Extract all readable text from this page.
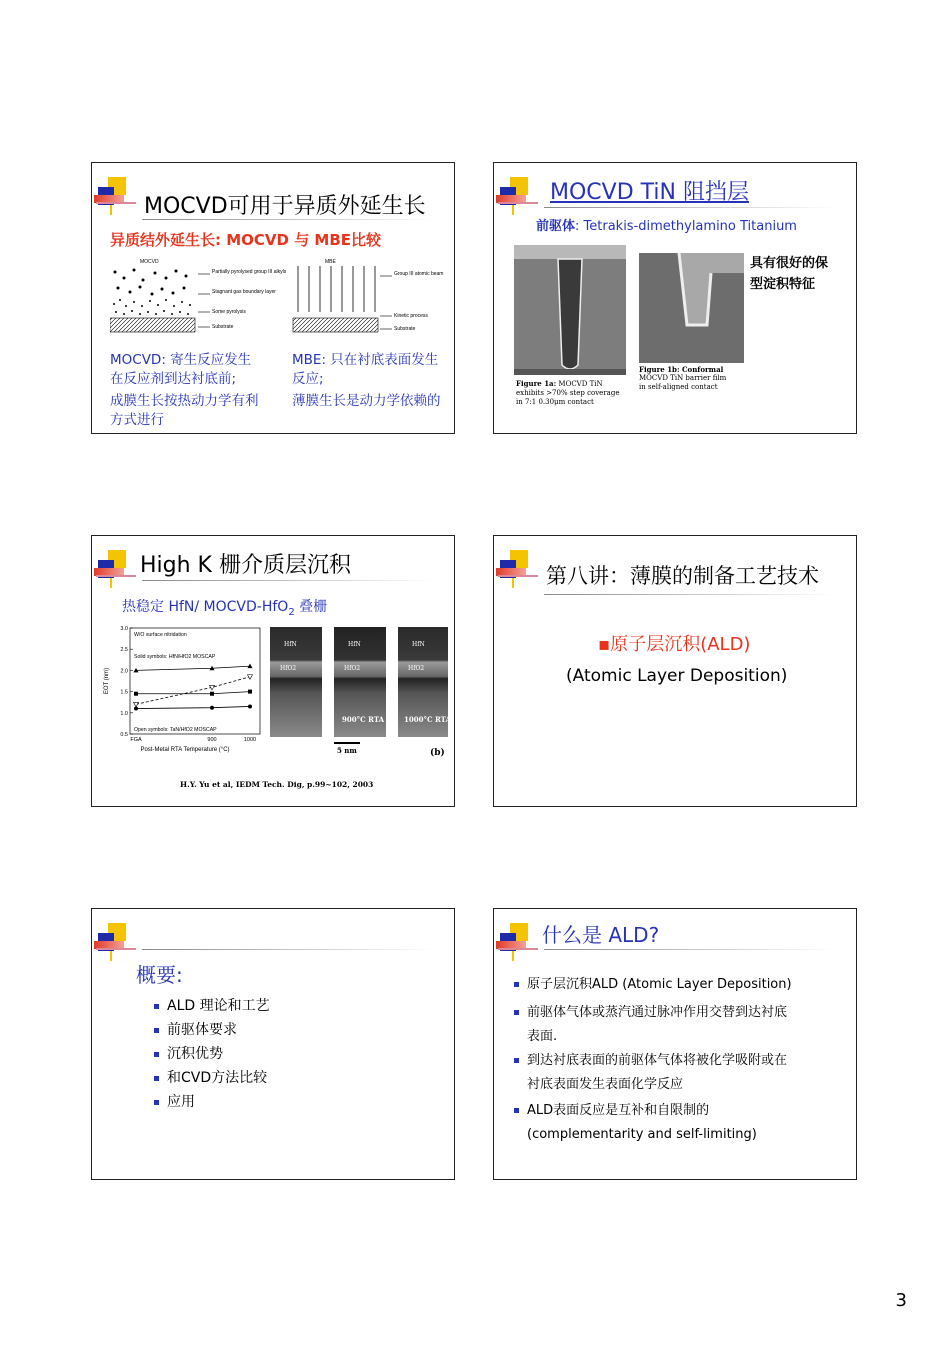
MOCVD可用于异质外延生长
异质结外延生长: MOCVD 与 MBE比较
MOCVD	MBE
Partially pyrolysed group III alkyls
Stagnant gas boundary layer
Some pyrolysis
Substrate
Group III atomic beam
Kinetic process
Substrate
MOCVD: 寄生反应发生
在反应剂到达衬底前;
成膜生长按热动力学有利
方式进行
MBE: 只在衬底表面发生
反应;
薄膜生长是动力学依赖的
MOCVD TiN 阻挡层
前驱体: Tetrakis-dimethylamino Titanium
Figure 1a: MOCVD TiN
exhibits >70% step coverage
in 7:1 0.30μm contact
Figure 1b: Conformal
MOCVD TiN barrier film
in self-aligned contact
具有很好的保
型淀积特征
High K 栅介质层沉积
热稳定 HfN/ MOCVD-HfO$_2$ 叠栅
0.5
1.0
1.5
2.0
2.5
3.0
FGA	900	1000
Post-Metal RTA Temperature (°C)
EOT (nm)
W/O surface nitridation
Solid symbols: HfN/HfO2 MOSCAP
Open symbols: TaN/HfO2 MOSCAP
HfN	HfN	HfN
HfO2	HfO2	HfO2
900°C RTA	1000°C RTA
5 nm	(b)
H.Y. Yu et al, IEDM Tech. Dig, p.99~102, 2003
第八讲：薄膜的制备工艺技术
▪原子层沉积(ALD)
(Atomic Layer Deposition)
概要:
ALD 理论和工艺
前驱体要求
沉积优势
和CVD方法比较
应用
什么是 ALD?
原子层沉积ALD (Atomic Layer Deposition)
前驱体气体或蒸汽通过脉冲作用交替到达衬底
表面.
到达衬底表面的前驱体气体将被化学吸附或在
衬底表面发生表面化学反应
ALD表面反应是互补和自限制的
(complementarity and self-limiting)
3
